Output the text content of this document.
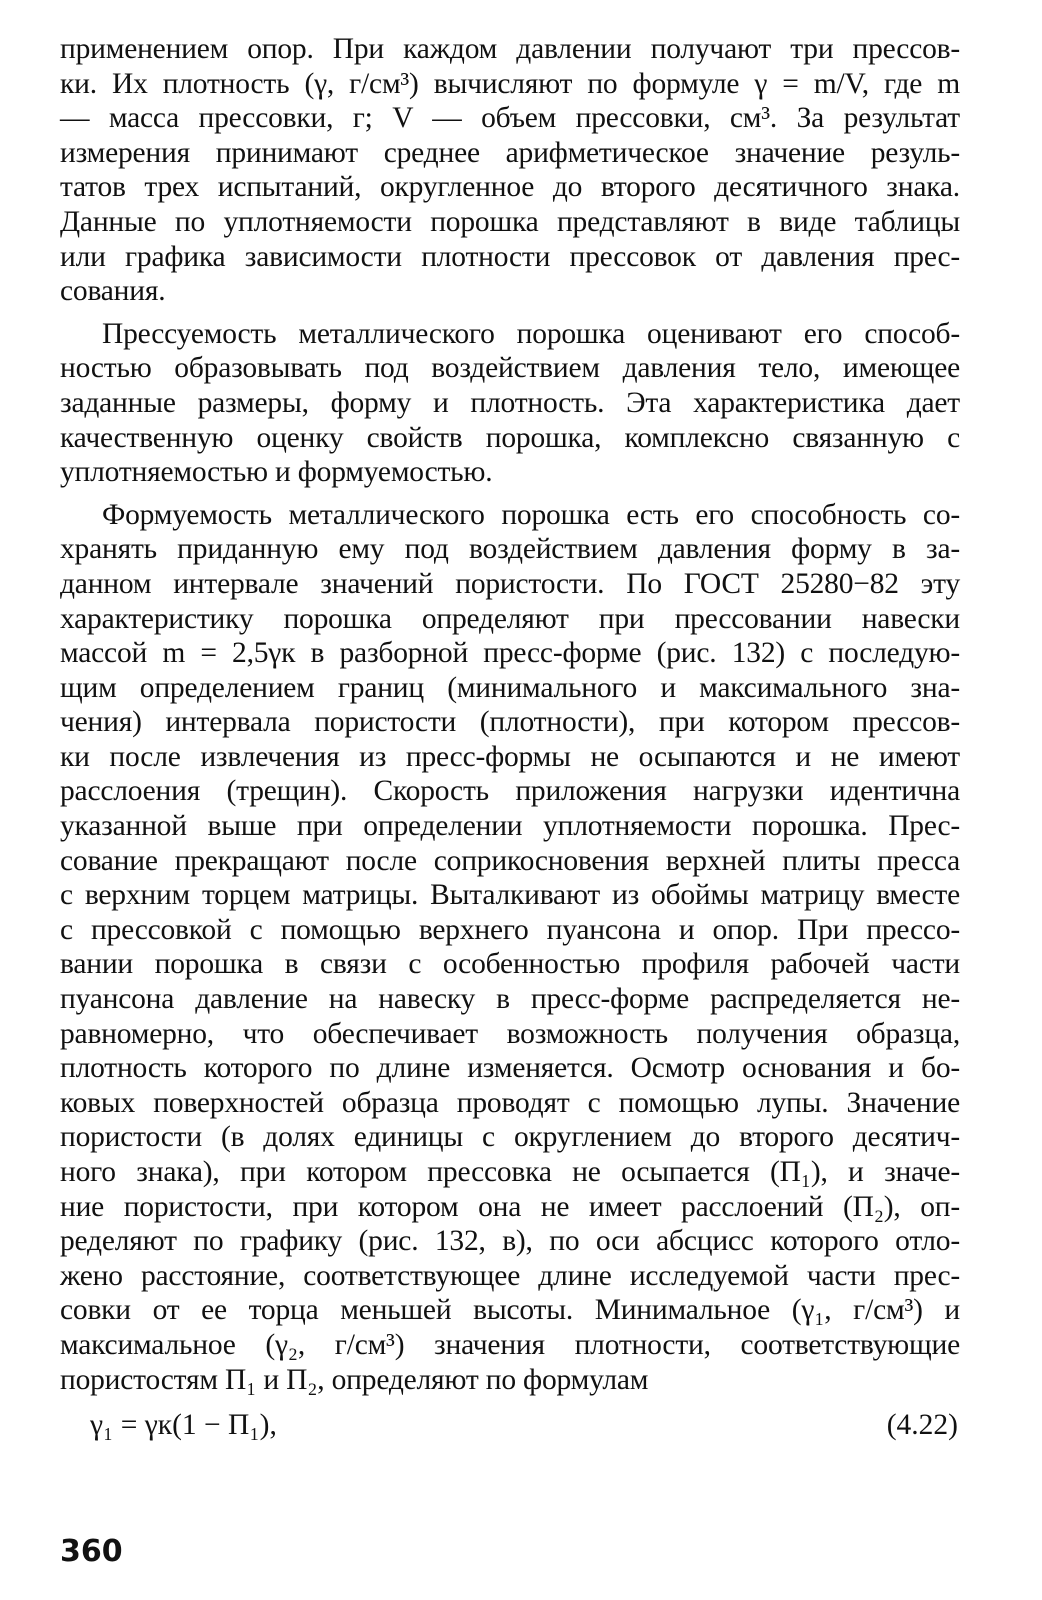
применением опор. При каждом давлении получают три прессов-
ки. Их плотность (γ, г/см³) вычисляют по формуле γ = m/V, где m
— масса прессовки, г; V — объем прессовки, см³. За результат
измерения принимают среднее арифметическое значение резуль-
татов трех испытаний, округленное до второго десятичного знака.
Данные по уплотняемости порошка представляют в виде таблицы
или графика зависимости плотности прессовок от давления прес-
сования.
Прессуемость металлического порошка оценивают его способ-
ностью образовывать под воздействием давления тело, имеющее
заданные размеры, форму и плотность. Эта характеристика дает
качественную оценку свойств порошка, комплексно связанную с
уплотняемостью и формуемостью.
Формуемость металлического порошка есть его способность со-
хранять приданную ему под воздействием давления форму в за-
данном интервале значений пористости. По ГОСТ 25280−82 эту
характеристику порошка определяют при прессовании навески
массой m = 2,5γк в разборной пресс-форме (рис. 132) с последую-
щим определением границ (минимального и максимального зна-
чения) интервала пористости (плотности), при котором прессов-
ки после извлечения из пресс-формы не осыпаются и не имеют
расслоения (трещин). Скорость приложения нагрузки идентична
указанной выше при определении уплотняемости порошка. Прес-
сование прекращают после соприкосновения верхней плиты пресса
с верхним торцем матрицы. Выталкивают из обоймы матрицу вместе
с прессовкой с помощью верхнего пуансона и опор. При прессо-
вании порошка в связи с особенностью профиля рабочей части
пуансона давление на навеску в пресс-форме распределяется не-
равномерно, что обеспечивает возможность получения образца,
плотность которого по длине изменяется. Осмотр основания и бо-
ковых поверхностей образца проводят с помощью лупы. Значение
пористости (в долях единицы с округлением до второго десятич-
ного знака), при котором прессовка не осыпается (П₁), и значе-
ние пористости, при котором она не имеет расслоений (П₂), оп-
ределяют по графику (рис. 132, в), по оси абсцисс которого отло-
жено расстояние, соответствующее длине исследуемой части прес-
совки от ее торца меньшей высоты. Минимальное (γ₁, г/см³) и
максимальное (γ₂, г/см³) значения плотности, соответствующие
пористостям П₁ и П₂, определяют по формулам
γ₁ = γк(1 − П₁),	(4.22)
360
